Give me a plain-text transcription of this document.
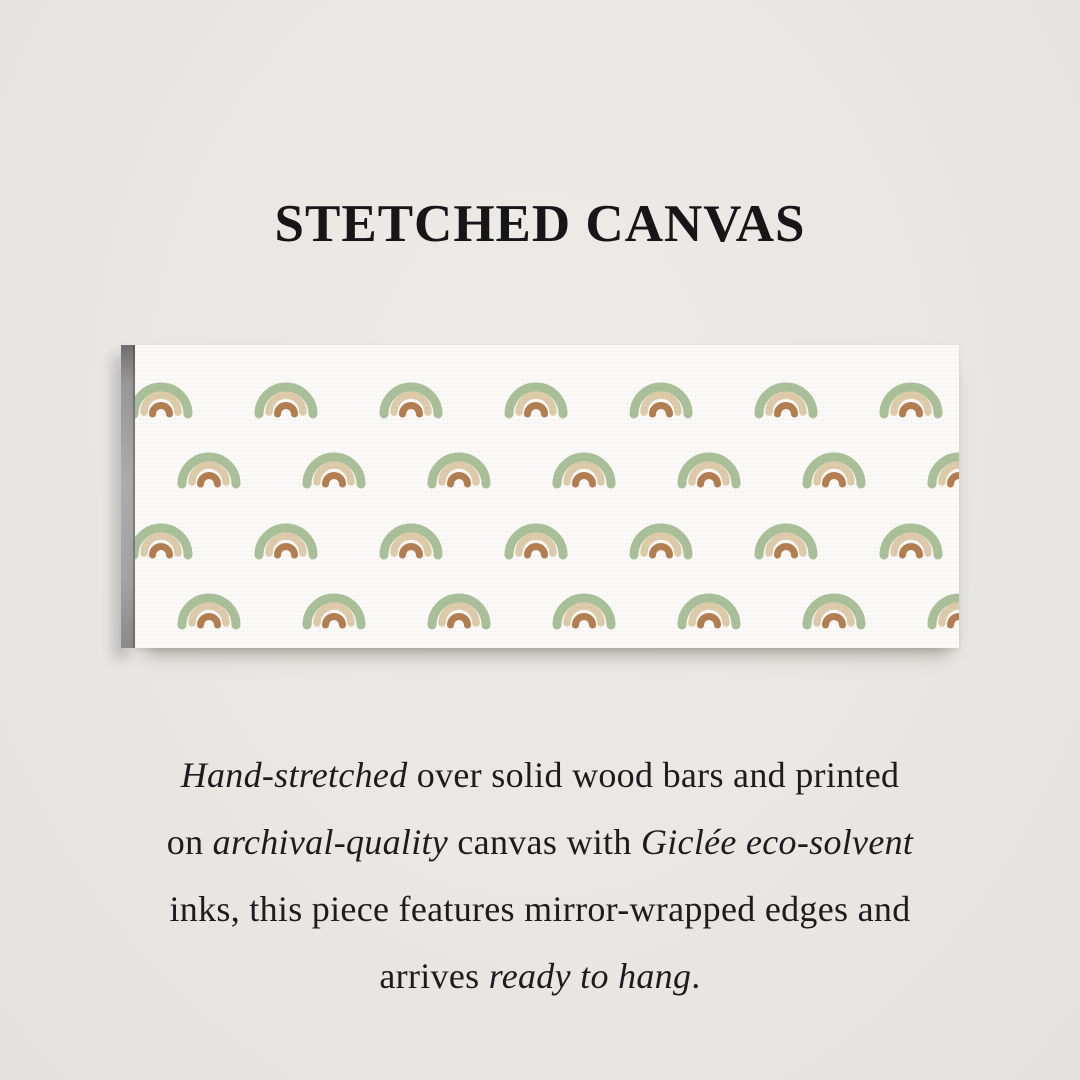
STETCHED CANVAS

Hand-stretched over solid wood bars and printed
on archival-quality canvas with Giclée eco-solvent
inks, this piece features mirror-wrapped edges and
arrives ready to hang.
